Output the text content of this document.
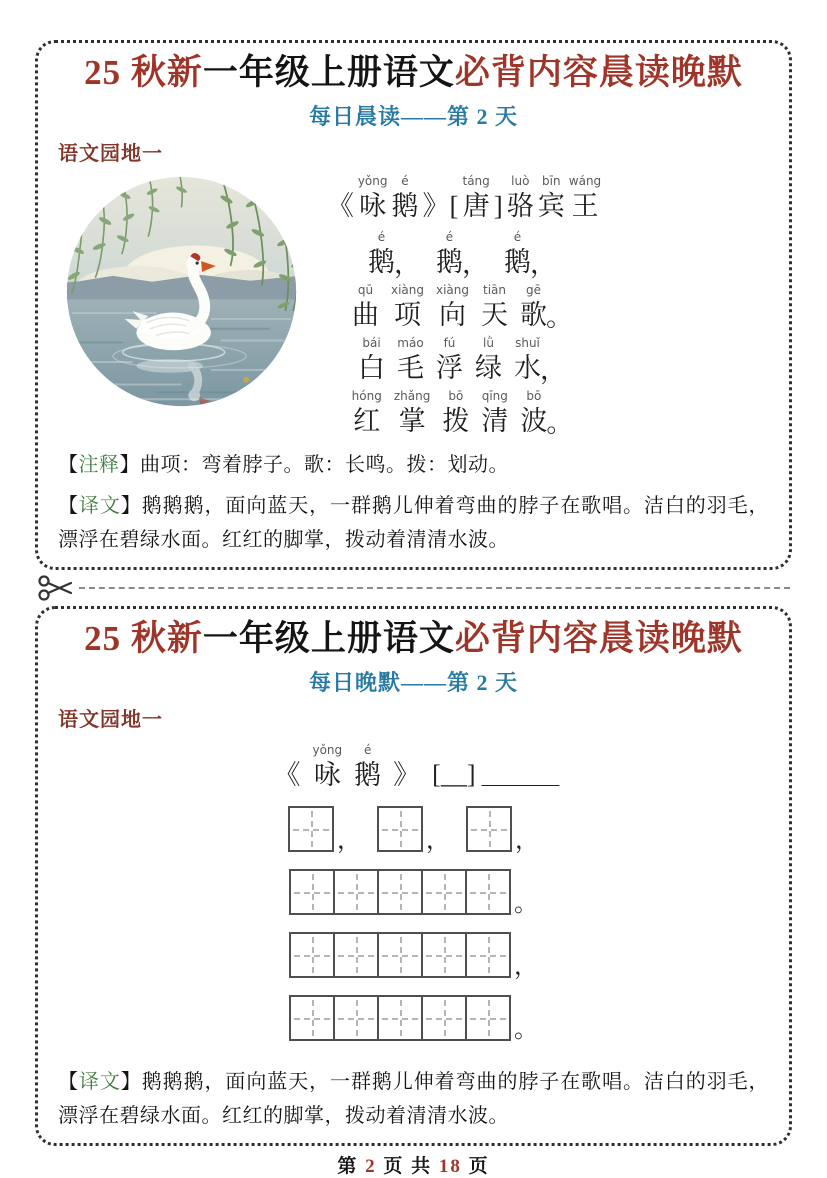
25 秋新一年级上册语文必背内容晨读晚默
每日晨读——第 2 天
语文园地一
《
yǒng
咏
é
鹅 》[
táng
唐 ]
luò
骆
bīn
宾
wáng
王
é
鹅 ，
é
鹅 ，
é
鹅 ，
qū
曲
xiàng
项
xiàng
向
tiān
天
gē
歌 。
bái
白
máo
毛
fú
浮
lǜ
绿
shuǐ
水 ，
hóng
红
zhǎng
掌
bō
拨
qīng
清
bō
波 。

【注释】曲项：弯着脖子。歌：长鸣。拨：划动。

【译文】鹅鹅鹅，面向蓝天，一群鹅儿伸着弯曲的脖子在歌唱。洁白的羽毛，漂浮在碧绿水面。红红的脚掌，拨动着清清水波。

25 秋新一年级上册语文必背内容晨读晚默
每日晚默——第 2 天
语文园地一
《
yǒng
咏
é
鹅 》 [__] ＿＿＿
，	，	，
。
，
。

【译文】鹅鹅鹅，面向蓝天，一群鹅儿伸着弯曲的脖子在歌唱。洁白的羽毛，漂浮在碧绿水面。红红的脚掌，拨动着清清水波。

第 2 页 共 18 页
